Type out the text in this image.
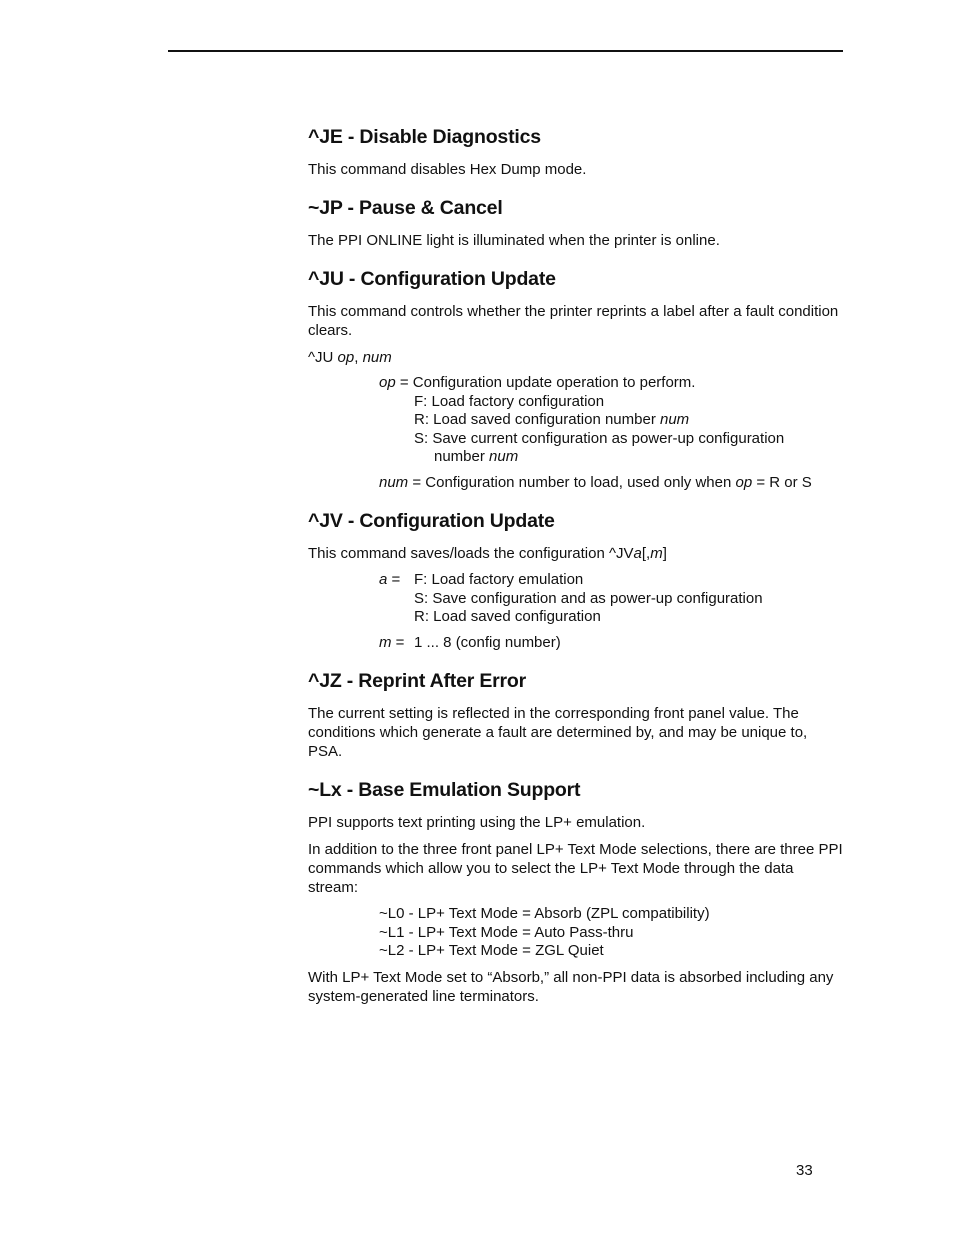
^JE - Disable Diagnostics

This command disables Hex Dump mode.

~JP - Pause & Cancel

The PPI ONLINE light is illuminated when the printer is online.

^JU - Configuration Update

This command controls whether the printer reprints a label after a fault condition clears.

^JU op, num

op = Configuration update operation to perform.
F: Load factory configuration
R: Load saved configuration number num
S: Save current configuration as power-up configuration
number num
num = Configuration number to load, used only when op = R or S
^JV - Configuration Update

This command saves/loads the configuration ^JVa[,m]

a = F: Load factory emulation
S: Save configuration and as power-up configuration
R: Load saved configuration
m = 1 ... 8 (config number)
^JZ - Reprint After Error

The current setting is reflected in the corresponding front panel value. The conditions which generate a fault are determined by, and may be unique to, PSA.

~Lx - Base Emulation Support

PPI supports text printing using the LP+ emulation.

In addition to the three front panel LP+ Text Mode selections, there are three PPI commands which allow you to select the LP+ Text Mode through the data stream:

~L0 - LP+ Text Mode = Absorb (ZPL compatibility)
~L1 - LP+ Text Mode = Auto Pass-thru
~L2 - LP+ Text Mode = ZGL Quiet

With LP+ Text Mode set to “Absorb,” all non-PPI data is absorbed including any system-generated line terminators.

33
